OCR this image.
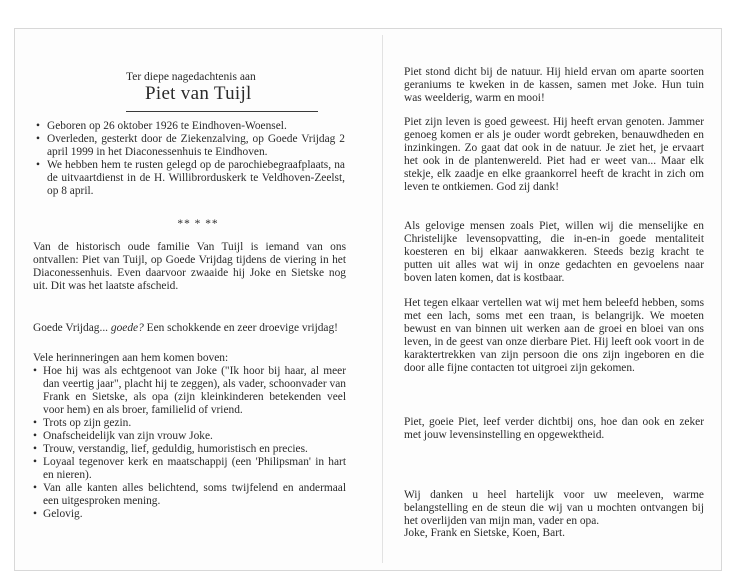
Ter diepe nagedachtenis aan

Piet van Tuijl

• Geboren op 26 oktober 1926 te Eindhoven-Woensel.
• Overleden, gesterkt door de Ziekenzalving, op Goede Vrijdag 2 april 1999 in het Diaconessenhuis te Eindhoven.
• We hebben hem te rusten gelegd op de parochiebegraafplaats, na de uitvaartdienst in de H. Willibrorduskerk te Veldhoven-Zeelst, op 8 april.

** * **

Van de historisch oude familie Van Tuijl is iemand van ons ontvallen: Piet van Tuijl, op Goede Vrijdag tijdens de viering in het Diaconessenhuis. Even daarvoor zwaaide hij Joke en Sietske nog uit. Dit was het laatste afscheid.

Goede Vrijdag... goede? Een schokkende en zeer droevige vrijdag!

Vele herinneringen aan hem komen boven:

• Hoe hij was als echtgenoot van Joke ("Ik hoor bij haar, al meer dan veertig jaar", placht hij te zeggen), als vader, schoonvader van Frank en Sietske, als opa (zijn kleinkinderen betekenden veel voor hem) en als broer, familielid of vriend.
• Trots op zijn gezin.
• Onafscheidelijk van zijn vrouw Joke.
• Trouw, verstandig, lief, geduldig, humoristisch en precies.
• Loyaal tegenover kerk en maatschappij (een 'Philipsman' in hart en nieren).
• Van alle kanten alles belichtend, soms twijfelend en andermaal een uitgesproken mening.
• Gelovig.

Piet stond dicht bij de natuur. Hij hield ervan om aparte soorten geraniums te kweken in de kassen, samen met Joke. Hun tuin was weelderig, warm en mooi!

Piet zijn leven is goed geweest. Hij heeft ervan genoten. Jammer genoeg komen er als je ouder wordt gebreken, benauwdheden en inzinkingen. Zo gaat dat ook in de natuur. Je ziet het, je ervaart het ook in de plantenwereld. Piet had er weet van... Maar elk stekje, elk zaadje en elke graankorrel heeft de kracht in zich om leven te ontkiemen. God zij dank!

Als gelovige mensen zoals Piet, willen wij die menselijke en Christelijke levensopvatting, die in-en-in goede mentaliteit koesteren en bij elkaar aanwakkeren. Steeds bezig kracht te putten uit alles wat wij in onze gedachten en gevoelens naar boven laten komen, dat is kostbaar.

Het tegen elkaar vertellen wat wij met hem beleefd hebben, soms met een lach, soms met een traan, is belangrijk. We moeten bewust en van binnen uit werken aan de groei en bloei van ons leven, in de geest van onze dierbare Piet. Hij leeft ook voort in de karaktertrekken van zijn persoon die ons zijn ingeboren en die door alle fijne contacten tot uitgroei zijn gekomen.

Piet, goeie Piet, leef verder dichtbij ons, hoe dan ook en zeker met jouw levensinstelling en opgewektheid.

Wij danken u heel hartelijk voor uw meeleven, warme belangstelling en de steun die wij van u mochten ontvangen bij het overlijden van mijn man, vader en opa.

Joke, Frank en Sietske, Koen, Bart.
